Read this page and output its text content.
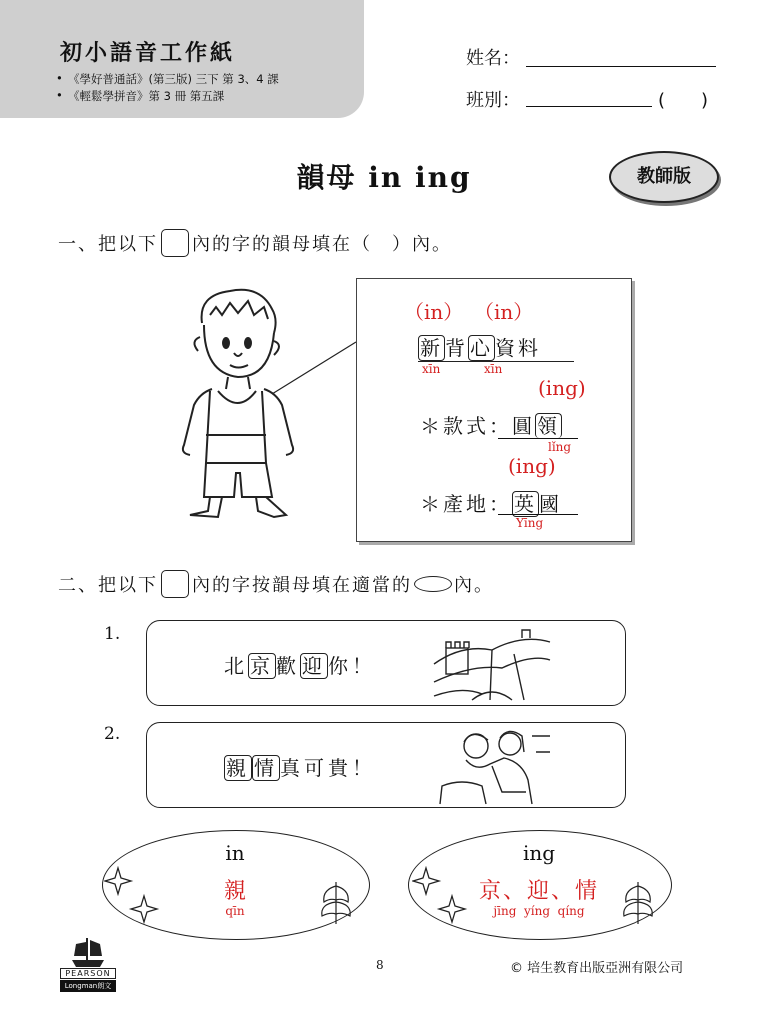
初小語音工作紙
• 《學好普通話》(第三版) 三下 第 3、4 課
• 《輕鬆學拼音》第 3 冊 第五課
姓名：
班別：	(　　)
韻母 in ing	教師版
一、把以下 內的字的韻母填在（　）內。
（in） （in）
新 背 心 資料
xīn	xīn
(ing)
＊款式：圓 領
lǐng
(ing)
＊產地： 英 國
Yīng
二、把以下 內的字按韻母填在適當的 內。
1.
北 京 歡 迎 你！
2.
親 情 真可貴！
in
親
qīn
ing
京、迎、情
jīng  yíng  qíng
PEARSON
Longman朗文
8	© 培生教育出版亞洲有限公司
